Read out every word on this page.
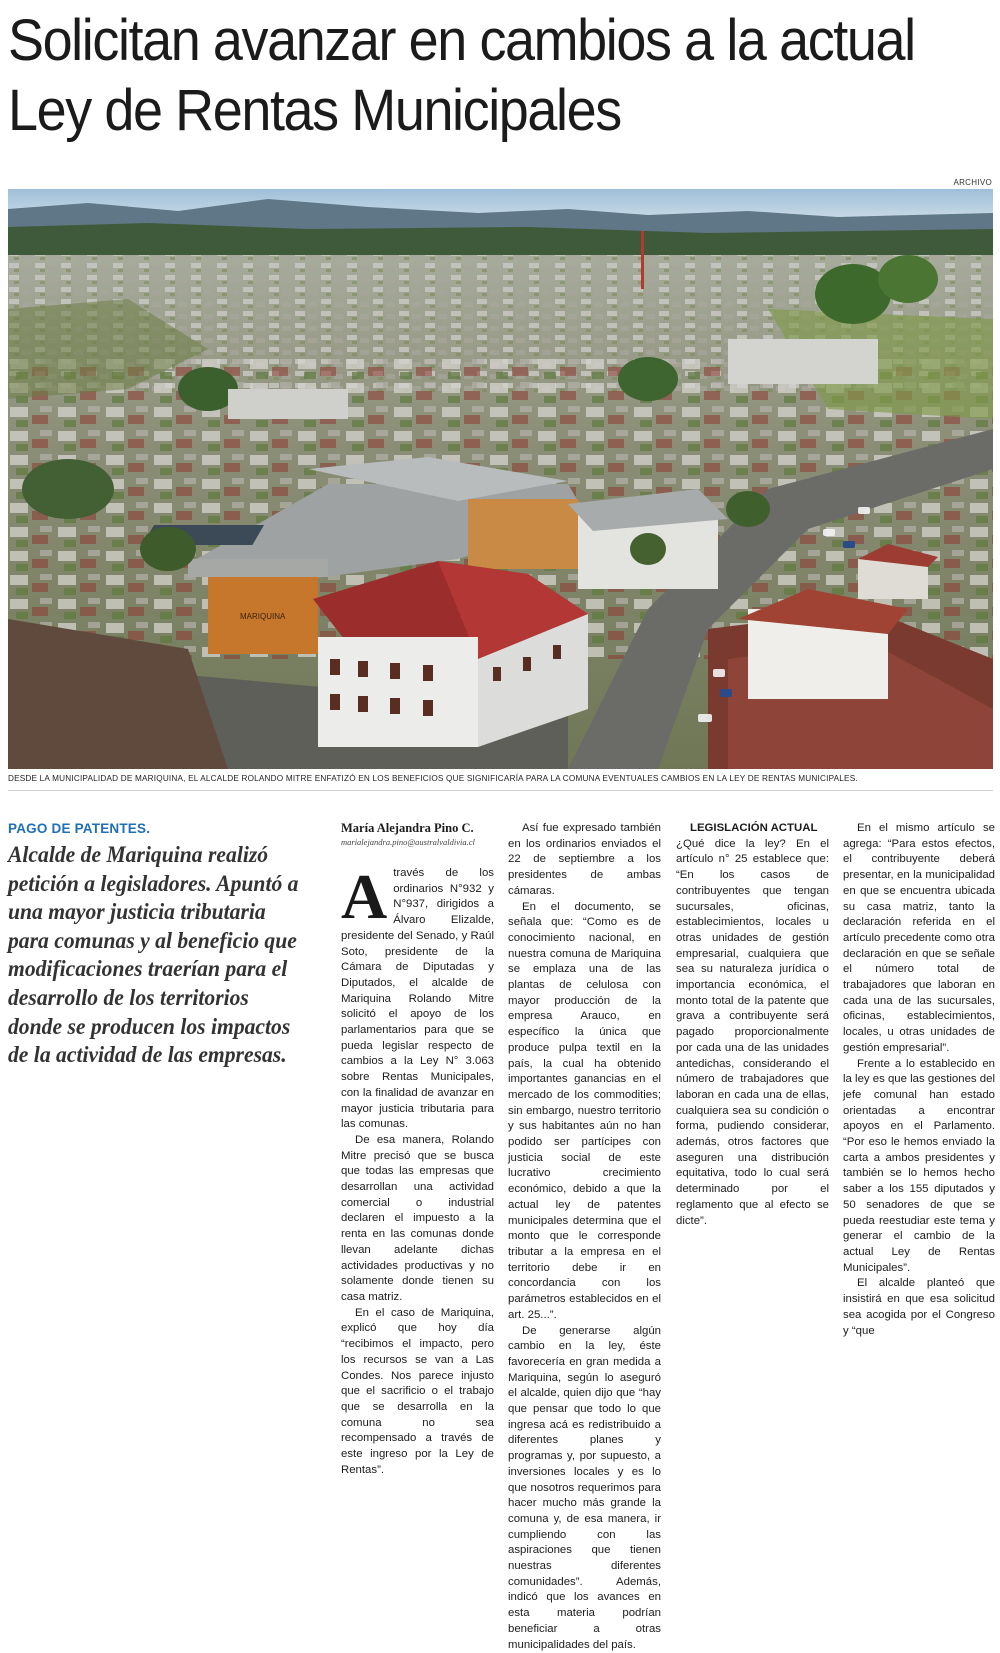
Solicitan avanzar en cambios a la actual Ley de Rentas Municipales
ARCHIVO
MARIQUINA
DESDE LA MUNICIPALIDAD DE MARIQUINA, EL ALCALDE ROLANDO MITRE ENFATIZÓ EN LOS BENEFICIOS QUE SIGNIFICARÍA PARA LA COMUNA EVENTUALES CAMBIOS EN LA LEY DE RENTAS MUNICIPALES.
PAGO DE PATENTES.

Alcalde de Mariquina realizó petición a legisladores. Apuntó a una mayor justicia tributaria para comunas y al beneficio que modificaciones traerían para el desarrollo de los territorios donde se producen los impactos de la actividad de las empresas.

María Alejandra Pino C.
marialejandra.pino@australvaldivia.cl
A través de los ordinarios N°932 y N°937, dirigidos a Álvaro Elizalde, presidente del Senado, y Raúl Soto, presidente de la Cámara de Diputadas y Diputados, el alcalde de Mariquina Rolando Mitre solicitó el apoyo de los parlamentarios para que se pueda legislar respecto de cambios a la Ley N° 3.063 sobre Rentas Municipales, con la finalidad de avanzar en mayor justicia tributaria para las comunas.

De esa manera, Rolando Mitre precisó que se busca que todas las empresas que desarrollan una actividad comercial o industrial declaren el impuesto a la renta en las comunas donde llevan adelante dichas actividades productivas y no solamente donde tienen su casa matriz.

En el caso de Mariquina, explicó que hoy día “recibimos el impacto, pero los recursos se van a Las Condes. Nos parece injusto que el sacrificio o el trabajo que se desarrolla en la comuna no sea recompensado a través de este ingreso por la Ley de Rentas”.

Así fue expresado también en los ordinarios enviados el 22 de septiembre a los presidentes de ambas cámaras.

En el documento, se señala que: “Como es de conocimiento nacional, en nuestra comuna de Mariquina se emplaza una de las plantas de celulosa con mayor producción de la empresa Arauco, en específico la única que produce pulpa textil en la país, la cual ha obtenido importantes ganancias en el mercado de los commodities; sin embargo, nuestro territorio y sus habitantes aún no han podido ser partícipes con justicia social de este lucrativo crecimiento económico, debido a que la actual ley de patentes municipales determina que el monto que le corresponde tributar a la empresa en el territorio debe ir en concordancia con los parámetros establecidos en el art. 25...”.

De generarse algún cambio en la ley, éste favorecería en gran medida a Mariquina, según lo aseguró el alcalde, quien dijo que “hay que pensar que todo lo que ingresa acá es redistribuido a diferentes planes y programas y, por supuesto, a inversiones locales y es lo que nosotros requerimos para hacer mucho más grande la comuna y, de esa manera, ir cumpliendo con las aspiraciones que tienen nuestras diferentes comunidades”. Además, indicó que los avances en esta materia podrían beneficiar a otras municipalidades del país.

LEGISLACIÓN ACTUAL

¿Qué dice la ley? En el artículo n° 25 establece que: “En los casos de contribuyentes que tengan sucursales, oficinas, establecimientos, locales u otras unidades de gestión empresarial, cualquiera que sea su naturaleza jurídica o importancia económica, el monto total de la patente que grava a contribuyente será pagado proporcionalmente por cada una de las unidades antedichas, considerando el número de trabajadores que laboran en cada una de ellas, cualquiera sea su condición o forma, pudiendo considerar, además, otros factores que aseguren una distribución equitativa, todo lo cual será determinado por el reglamento que al efecto se dicte”.

En el mismo artículo se agrega: “Para estos efectos, el contribuyente deberá presentar, en la municipalidad en que se encuentra ubicada su casa matriz, tanto la declaración referida en el artículo precedente como otra declaración en que se señale el número total de trabajadores que laboran en cada una de las sucursales, oficinas, establecimientos, locales, u otras unidades de gestión empresarial”.

Frente a lo establecido en la ley es que las gestiones del jefe comunal han estado orientadas a encontrar apoyos en el Parlamento. “Por eso le hemos enviado la carta a ambos presidentes y también se lo hemos hecho saber a los 155 diputados y 50 senadores de que se pueda reestudiar este tema y generar el cambio de la actual Ley de Rentas Municipales”.

El alcalde planteó que insistirá en que esa solicitud sea acogida por el Congreso y “que
